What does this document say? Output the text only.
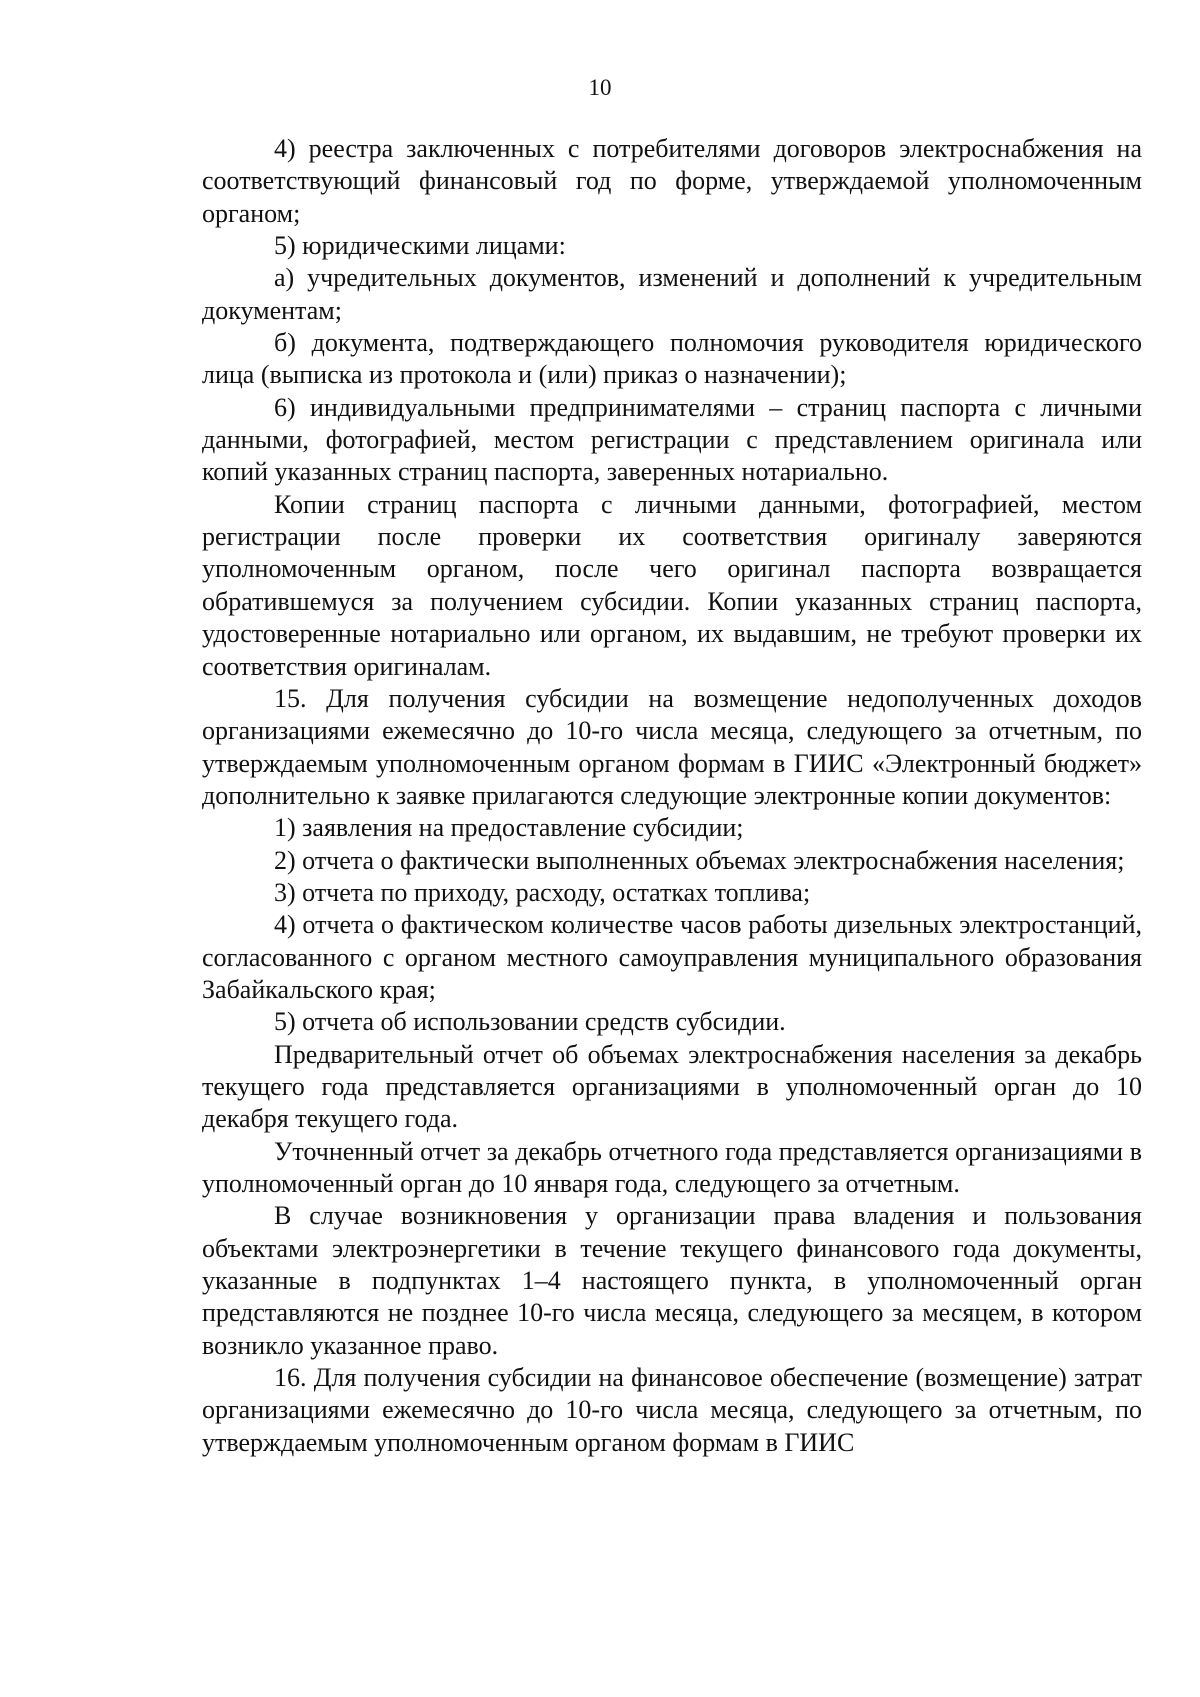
10

4) реестра заключенных с потребителями договоров электроснабжения на соответствующий финансовый год по форме, утверждаемой уполномоченным органом;

5) юридическими лицами:

а) учредительных документов, изменений и дополнений к учредительным документам;

б) документа, подтверждающего полномочия руководителя юридического лица (выписка из протокола и (или) приказ о назначении);

6) индивидуальными предпринимателями – страниц паспорта с личными данными, фотографией, местом регистрации с представлением оригинала или копий указанных страниц паспорта, заверенных нотариально.

Копии страниц паспорта с личными данными, фотографией, местом регистрации после проверки их соответствия оригиналу заверяются уполномоченным органом, после чего оригинал паспорта возвращается обратившемуся за получением субсидии. Копии указанных страниц паспорта, удостоверенные нотариально или органом, их выдавшим, не требуют проверки их соответствия оригиналам.

15. Для получения субсидии на возмещение недополученных доходов организациями ежемесячно до 10-го числа месяца, следующего за отчетным, по утверждаемым уполномоченным органом формам в ГИИС «Электронный бюджет» дополнительно к заявке прилагаются следующие электронные копии документов:

1) заявления на предоставление субсидии;

2) отчета о фактически выполненных объемах электроснабжения населения;

3) отчета по приходу, расходу, остатках топлива;

4) отчета о фактическом количестве часов работы дизельных электростанций, согласованного с органом местного самоуправления муниципального образования Забайкальского края;

5) отчета об использовании средств субсидии.

Предварительный отчет об объемах электроснабжения населения за декабрь текущего года представляется организациями в уполномоченный орган до 10 декабря текущего года.

Уточненный отчет за декабрь отчетного года представляется организациями в уполномоченный орган до 10 января года, следующего за отчетным.

В случае возникновения у организации права владения и пользования объектами электроэнергетики в течение текущего финансового года документы, указанные в подпунктах 1–4 настоящего пункта, в уполномоченный орган представляются не позднее 10-го числа месяца, следующего за месяцем, в котором возникло указанное право.

16. Для получения субсидии на финансовое обеспечение (возмещение) затрат организациями ежемесячно до 10-го числа месяца, следующего за отчетным, по утверждаемым уполномоченным органом формам в ГИИС
